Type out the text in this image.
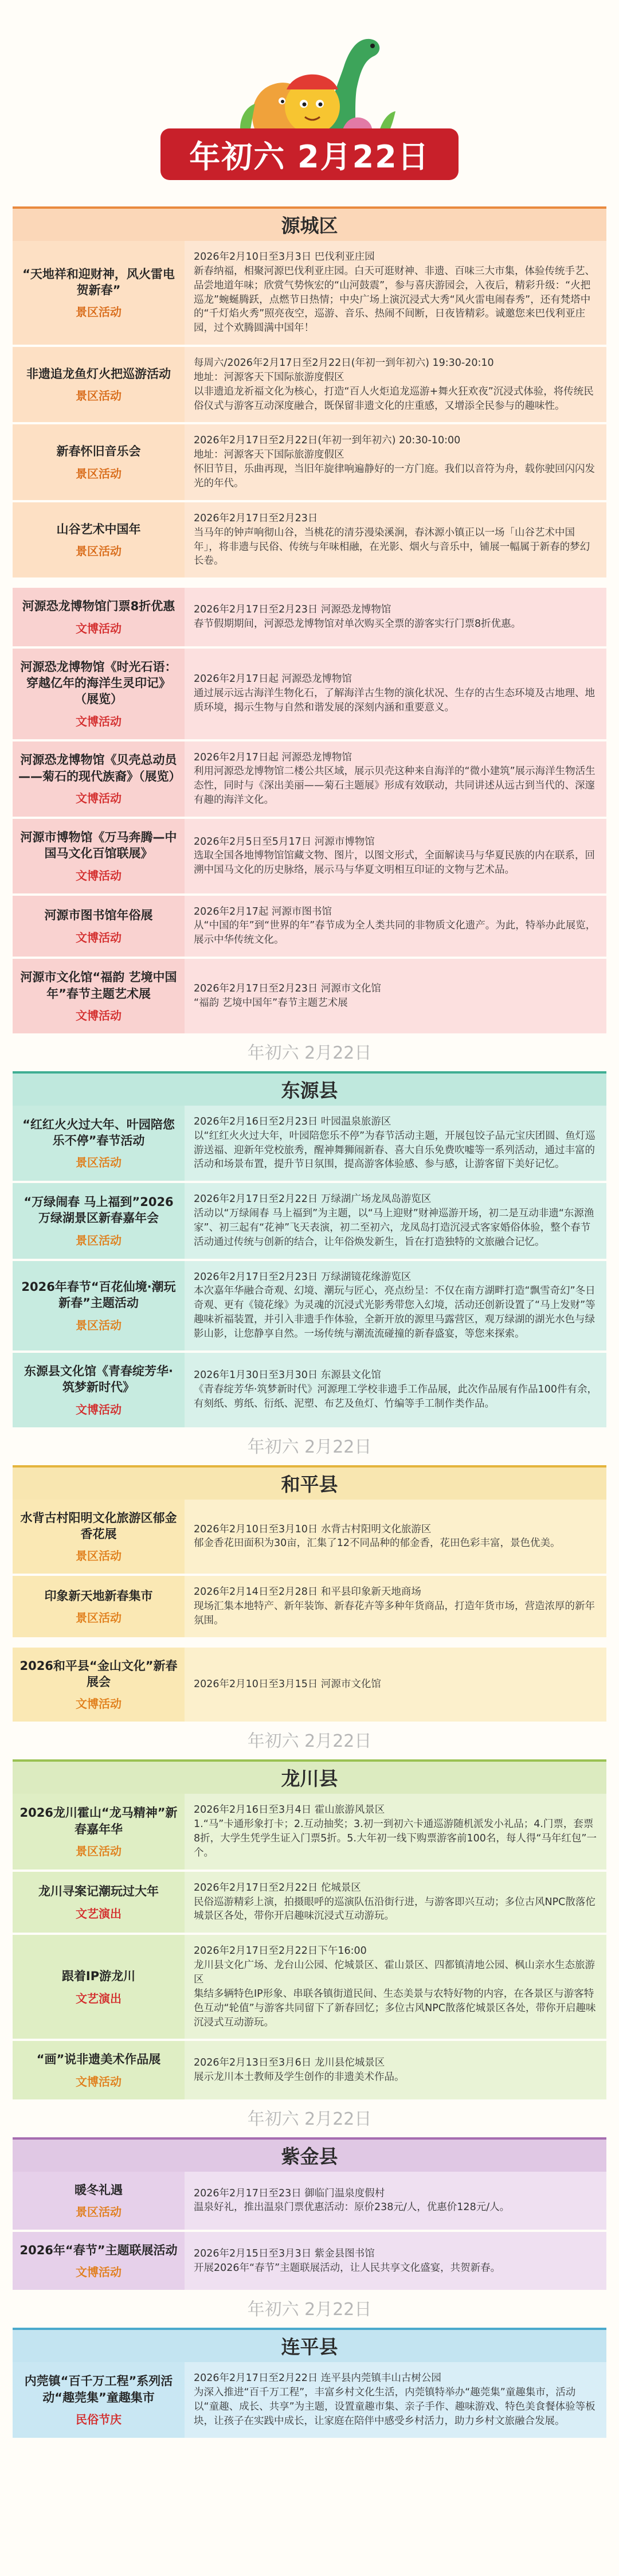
年初六 2月22日
源城区
“天地祥和迎财神，风火雷电贺新春”
景区活动

2026年2月10日至3月3日 巴伐利亚庄园

新春纳福，相聚河源巴伐利亚庄园。白天可逛财神、非遗、百味三大市集，体验传统手艺、品尝地道年味；欣赏气势恢宏的“山河鼓震”，参与喜庆游园会，入夜后，精彩升级：“火把巡龙”蜿蜒腾跃，点燃节日热情；中央广场上演沉浸式大秀“风火雷电闹春秀”，还有梵塔中的“千灯焰火秀”照亮夜空，巡游、音乐、热闹不间断，日夜皆精彩。诚邀您来巴伐利亚庄园，过个欢腾圆满中国年！

非遗追龙鱼灯火把巡游活动
景区活动

每周六/2026年2月17日至2月22日(年初一到年初六) 19:30-20:10

地址：河源客天下国际旅游度假区

以非遗追龙祈福文化为核心，打造“百人火炬追龙巡游+舞火狂欢夜”沉浸式体验，将传统民俗仪式与游客互动深度融合，既保留非遗文化的庄重感，又增添全民参与的趣味性。

新春怀旧音乐会
景区活动

2026年2月17日至2月22日(年初一到年初六) 20:30-10:00

地址：河源客天下国际旅游度假区

怀旧节目，乐曲再现，当旧年旋律响遍静好的一方门庭。我们以音符为舟，载你驶回闪闪发光的年代。

山谷艺术中国年
景区活动

2026年2月17日至2月23日

当马年的钟声响彻山谷，当桃花的清芬漫染溪涧，春沐源小镇正以一场「山谷艺术中国年」，将非遗与民俗、传统与年味相融，在光影、烟火与音乐中，铺展一幅属于新春的梦幻长卷。

河源恐龙博物馆门票8折优惠
文博活动

2026年2月17日至2月23日 河源恐龙博物馆

春节假期期间，河源恐龙博物馆对单次购买全票的游客实行门票8折优惠。

河源恐龙博物馆《时光石语：穿越亿年的海洋生灵印记》（展览）
文博活动

2026年2月17日起 河源恐龙博物馆

通过展示远古海洋生物化石，了解海洋古生物的演化状况、生存的古生态环境及古地理、地质环境，揭示生物与自然和谐发展的深刻内涵和重要意义。

河源恐龙博物馆《贝壳总动员——菊石的现代族裔》（展览）
文博活动

2026年2月17日起 河源恐龙博物馆

利用河源恐龙博物馆二楼公共区域，展示贝壳这种来自海洋的“微小建筑”展示海洋生物活生态性，同时与《深出美丽——菊石主题展》形成有效联动，共同讲述从远古到当代的、深邃有趣的海洋文化。

河源市博物馆《万马奔腾—中国马文化百馆联展》
文博活动

2026年2月5日至5月17日 河源市博物馆

选取全国各地博物馆馆藏文物、图片，以图文形式，全面解读马与华夏民族的内在联系，回溯中国马文化的历史脉络，展示马与华夏文明相互印证的文物与艺术品。

河源市图书馆年俗展
文博活动

2026年2月17起 河源市图书馆

从“中国的年”到“世界的年”春节成为全人类共同的非物质文化遗产。为此，特举办此展览，展示中华传统文化。

河源市文化馆“福韵 艺境中国年”春节主题艺术展
文博活动

2026年2月17日至2月23日 河源市文化馆

“福韵 艺境中国年”春节主题艺术展

年初六 2月22日
东源县
“红红火火过大年、叶园陪您乐不停”春节活动
景区活动

2026年2月16日至2月23日 叶园温泉旅游区

以“红红火火过大年，叶园陪您乐不停”为春节活动主题，开展包饺子品元宝庆团圆、鱼灯巡游送福、迎新年党校旅秀，醒神舞狮闹新春、喜大自乐免费吹嘘等一系列活动，通过丰富的活动和场景布置，提升节日氛围，提高游客体验感、参与感，让游客留下美好记忆。

“万绿闹春 马上福到”2026万绿湖景区新春嘉年会
景区活动

2026年2月17日至2月22日 万绿湖广场龙凤岛游览区

活动以“万绿闹春 马上福到”为主题，以“马上迎财”财神巡游开场，初二是互动非遗“东源渔家”、初三起有“花神”飞天表演，初二至初六，龙凤岛打造沉浸式客家婚俗体验，整个春节活动通过传统与创新的结合，让年俗焕发新生，旨在打造独特的文旅融合记忆。

2026年春节“百花仙境·潮玩新春”主题活动
景区活动

2026年2月17日至2月23日 万绿湖镜花缘游览区

本次嘉年华融合奇观、幻境、潮玩与匠心，亮点纷呈：不仅在南方湖畔打造“飘雪奇幻”冬日奇观、更有《镜花缘》为灵魂的沉浸式光影秀带您入幻境，活动还创新设置了“马上发财”等趣味祈福装置，并引入非遗手作体验，全新开放的源里马露营区，观万绿湖的湖光水色与绿影山影，让您静享自然。一场传统与潮流流碰撞的新春盛宴，等您来探索。

东源县文化馆《青春绽芳华·筑梦新时代》
文博活动

2026年1月30日至3月30日 东源县文化馆

《青春绽芳华·筑梦新时代》河源理工学校非遗手工作品展，此次作品展有作品100件有余，有刻纸、剪纸、衍纸、泥塑、布艺及鱼灯、竹编等手工制作类作品。

年初六 2月22日
和平县
水背古村阳明文化旅游区郁金香花展
景区活动

2026年2月10日至3月10日 水背古村阳明文化旅游区

郁金香花田面积为30亩，汇集了12不同品种的郁金香，花田色彩丰富，景色优美。

印象新天地新春集市
景区活动

2026年2月14日至2月28日 和平县印象新天地商场

现场汇集本地特产、新年装饰、新春花卉等多种年货商品，打造年货市场，营造浓厚的新年氛围。

2026和平县“金山文化”新春展会
文博活动

2026年2月10日至3月15日 河源市文化馆

年初六 2月22日
龙川县
2026龙川霍山“龙马精神”新春嘉年华
景区活动

2026年2月16日至3月4日 霍山旅游风景区

1.“马”卡通形象打卡；2.互动抽奖；3.初一到初六卡通巡游随机派发小礼品；4.门票，套票8折，大学生凭学生证入门票5折。5.大年初一线下购票游客前100名，每人得“马年红包”一个。

龙川寻案记潮玩过大年
文艺演出

2026年2月17日至2月22日 佗城景区

民俗巡游精彩上演，拍摄眼呼的巡演队伍沿街行进，与游客即兴互动；多位古风NPC散落佗城景区各处，带你开启趣味沉浸式互动游玩。

跟着IP游龙川
文艺演出

2026年2月17日至2月22日下午16:00

龙川县文化广场、龙台山公园、佗城景区、霍山景区、四都镇清地公园、枫山亲水生态旅游区

集结多辆特色IP形象、串联各镇街道民间、生态美景与农特好物的内容，在各景区与游客特色互动“轮值”与游客共同留下了新春回忆；多位古风NPC散落佗城景区各处，带你开启趣味沉浸式互动游玩。

“画”说非遗美术作品展
文博活动

2026年2月13日至3月6日 龙川县佗城景区

展示龙川本土教师及学生创作的非遗美术作品。

年初六 2月22日
紫金县
暖冬礼遇
景区活动

2026年2月17日至23日 御临门温泉度假村

温泉好礼，推出温泉门票优惠活动：原价238元/人，优惠价128元/人。

2026年“春节”主题联展活动
文博活动

2026年2月15日至3月3日 紫金县图书馆

开展2026年“春节”主题联展活动，让人民共享文化盛宴，共贺新春。

年初六 2月22日
连平县
内莞镇“百千万工程”系列活动“趣莞集”童趣集市
民俗节庆

2026年2月17日至2月22日 连平县内莞镇丰山古树公园

为深入推进“百千万工程”，丰富乡村文化生活，内莞镇特举办“趣莞集”童趣集市，活动以“童趣、成长、共享”为主题，设置童趣市集、亲子手作、趣味游戏、特色美食餐体验等板块，让孩子在实践中成长，让家庭在陪伴中感受乡村活力，助力乡村文旅融合发展。
